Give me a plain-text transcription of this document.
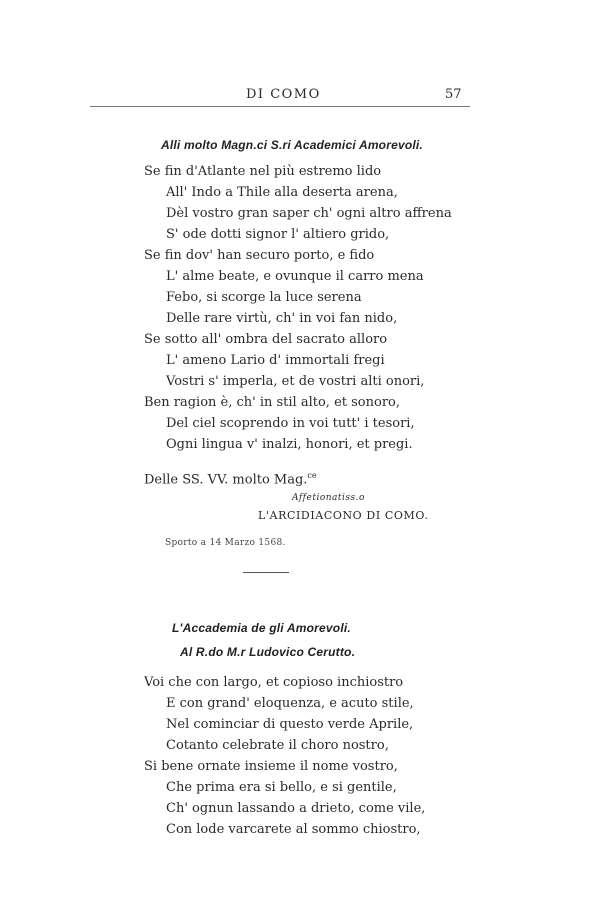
DI COMO	57
Alli molto Magn.ci S.ri Academici Amorevoli.
Se fin d'Atlante nel più estremo lido
All' Indo a Thile alla deserta arena,
Dèl vostro gran saper ch' ogni altro affrena
S' ode dotti signor l' altiero grido,
Se fin dov' han securo porto, e fido
L' alme beate, e ovunque il carro mena
Febo, si scorge la luce serena
Delle rare virtù, ch' in voi fan nido,
Se sotto all' ombra del sacrato alloro
L' ameno Lario d' immortali fregi
Vostri s' imperla, et de vostri alti onori,
Ben ragion è, ch' in stil alto, et sonoro,
Del ciel scoprendo in voi tutt' i tesori,
Ogni lingua v' inalzi, honori, et pregi.
Delle SS. VV. molto Mag.$^{ce}$
Affetionatiss.o
L'ARCIDIACONO DI COMO.
Sporto a 14 Marzo 1568.
L'Accademia de gli Amorevoli.
Al R.do M.r Ludovico Cerutto.
Voi che con largo, et copioso inchiostro
E con grand' eloquenza, e acuto stile,
Nel cominciar di questo verde Aprile,
Cotanto celebrate il choro nostro,
Si bene ornate insieme il nome vostro,
Che prima era si bello, e si gentile,
Ch' ognun lassando a drieto, come vile,
Con lode varcarete al sommo chiostro,
